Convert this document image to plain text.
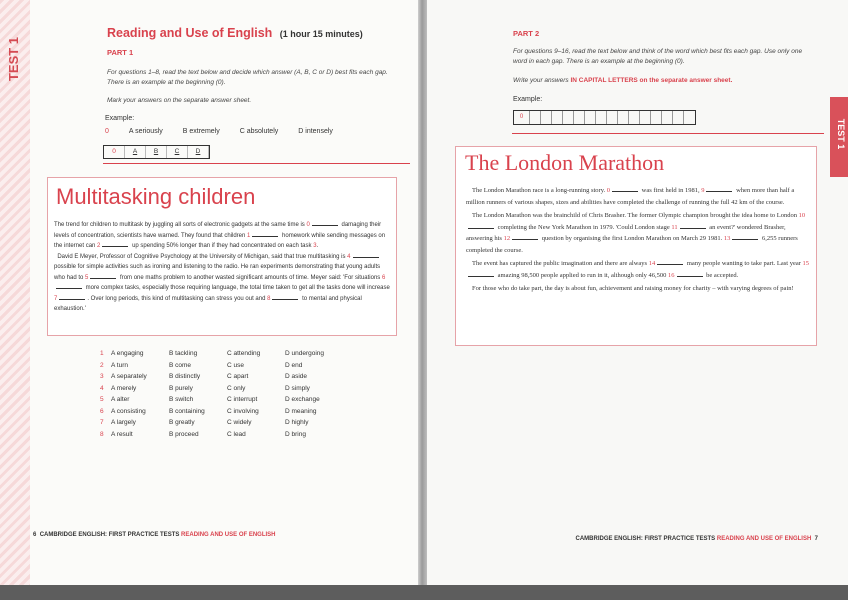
TEST 1
Reading and Use of English (1 hour 15 minutes)
PART 1
For questions 1–8, read the text below and decide which answer (A, B, C or D) best fits each gap. There is an example at the beginning (0).
Mark your answers on the separate answer sheet.
Example:
0	A seriously	B extremely	C absolutely	D intensely
0	A	B	C	D
Multitasking children
The trend for children to multitask by juggling all sorts of electronic gadgets at the same time is 0	damaging their levels of concentration, scientists have warned. They found that children 1	homework while sending messages on the internet can 2	up spending 50% longer than if they had concentrated on each task 3.
David E Meyer, Professor of Cognitive Psychology at the University of Michigan, said that true multitasking is 4 possible for simple activities such as ironing and listening to the radio. He ran experiments demonstrating that young adults who had to 5	from one maths problem to another wasted significant amounts of time. Meyer said: 'For situations 6 more complex tasks, especially those requiring language, the total time taken to get all the tasks done will increase 7	. Over long periods, this kind of multitasking can stress you out and 8	to mental and physical exhaustion.'
1	A engaging	B tackling	C attending	D undergoing
2	A turn	B come	C use	D end
3	A separately	B distinctly	C apart	D aside
4	A merely	B purely	C only	D simply
5	A alter	B switch	C interrupt	D exchange
6	A consisting	B containing	C involving	D meaning
7	A largely	B greatly	C widely	D highly
8	A result	B proceed	C lead	D bring
6 CAMBRIDGE ENGLISH: FIRST PRACTICE TESTS READING AND USE OF ENGLISH
TEST 1
PART 2
For questions 9–16, read the text below and think of the word which best fits each gap. Use only one word in each gap. There is an example at the beginning (0).
Write your answers IN CAPITAL LETTERS on the separate answer sheet.
Example:
0
The London Marathon

The London Marathon race is a long-running story. 0	was first held in 1981, 9	when more than half a million runners of various shapes, sizes and abilities have completed the challenge of running the full 42 km of the course.

The London Marathon was the brainchild of Chris Brasher. The former Olympic champion brought the idea home to London 10 completing the New York Marathon in 1979. 'Could London stage 11	an event?' wondered Brasher, answering his 12	question by organising the first London Marathon on March 29 1981. 13	6,255 runners completed the course.

The event has captured the public imagination and there are always 14	many people wanting to take part. Last year 15 amazing 98,500 people applied to run in it, although only 46,500 16	be accepted.

For those who do take part, the day is about fun, achievement and raising money for charity – with varying degrees of pain!

CAMBRIDGE ENGLISH: FIRST PRACTICE TESTS READING AND USE OF ENGLISH 7
